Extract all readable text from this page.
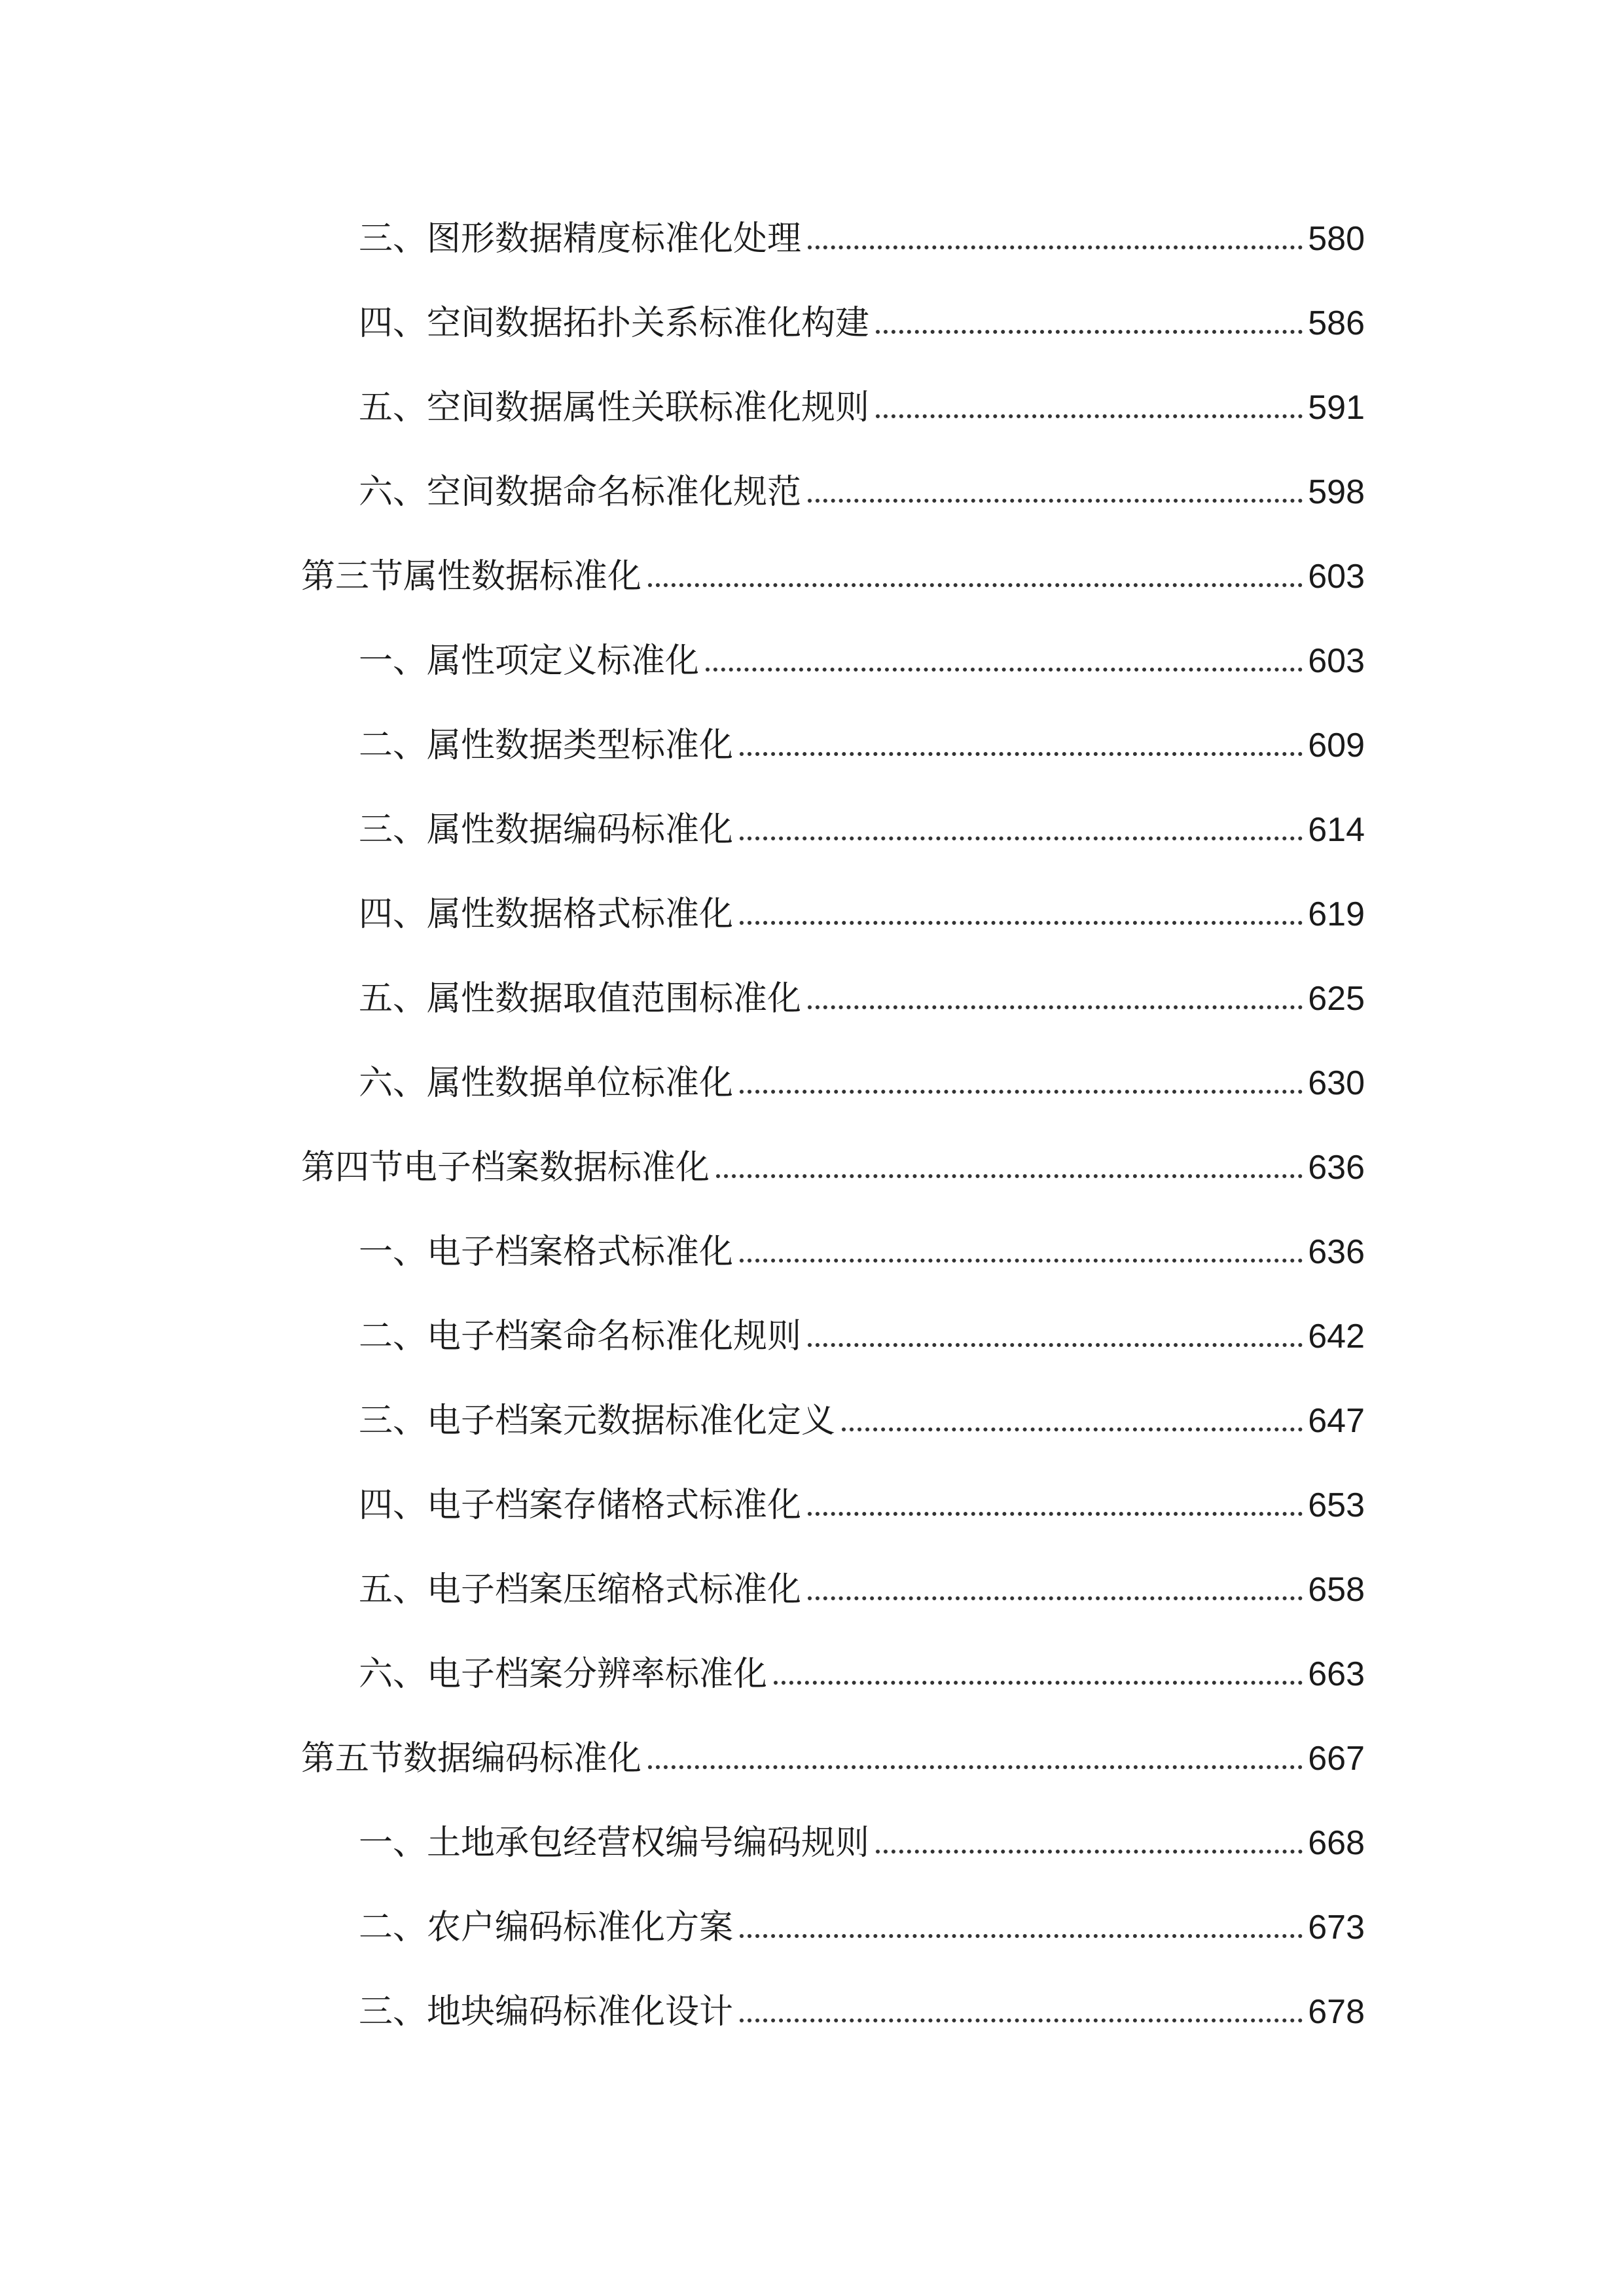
三、图形数据精度标准化处理	580
四、空间数据拓扑关系标准化构建	586
五、空间数据属性关联标准化规则	591
六、空间数据命名标准化规范	598
第三节属性数据标准化	603
一、属性项定义标准化	603
二、属性数据类型标准化	609
三、属性数据编码标准化	614
四、属性数据格式标准化	619
五、属性数据取值范围标准化	625
六、属性数据单位标准化	630
第四节电子档案数据标准化	636
一、电子档案格式标准化	636
二、电子档案命名标准化规则	642
三、电子档案元数据标准化定义	647
四、电子档案存储格式标准化	653
五、电子档案压缩格式标准化	658
六、电子档案分辨率标准化	663
第五节数据编码标准化	667
一、土地承包经营权编号编码规则	668
二、农户编码标准化方案	673
三、地块编码标准化设计	678
